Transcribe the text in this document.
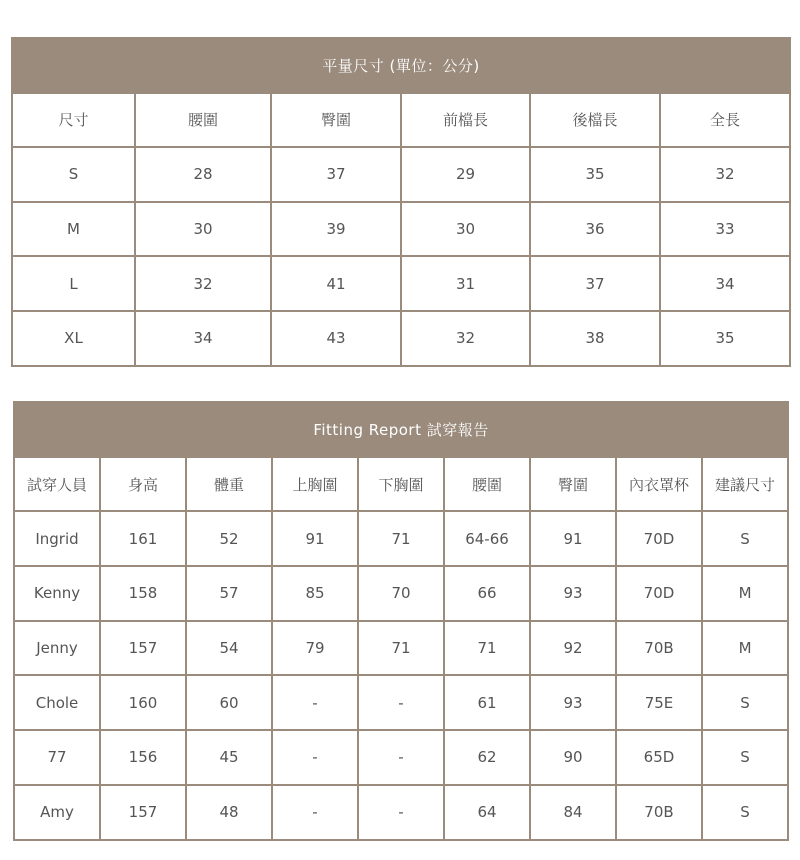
平量尺寸 (單位：公分)					
尺寸	腰圍	臀圍	前檔長	後檔長	全長
S	28	37	29	35	32
M	30	39	30	36	33
L	32	41	31	37	34
XL	34	43	32	38	35
Fitting Report 試穿報告								
試穿人員	身高	體重	上胸圍	下胸圍	腰圍	臀圍	內衣罩杯	建議尺寸
Ingrid	161	52	91	71	64-66	91	70D	S
Kenny	158	57	85	70	66	93	70D	M
Jenny	157	54	79	71	71	92	70B	M
Chole	160	60	-	-	61	93	75E	S
77	156	45	-	-	62	90	65D	S
Amy	157	48	-	-	64	84	70B	S
